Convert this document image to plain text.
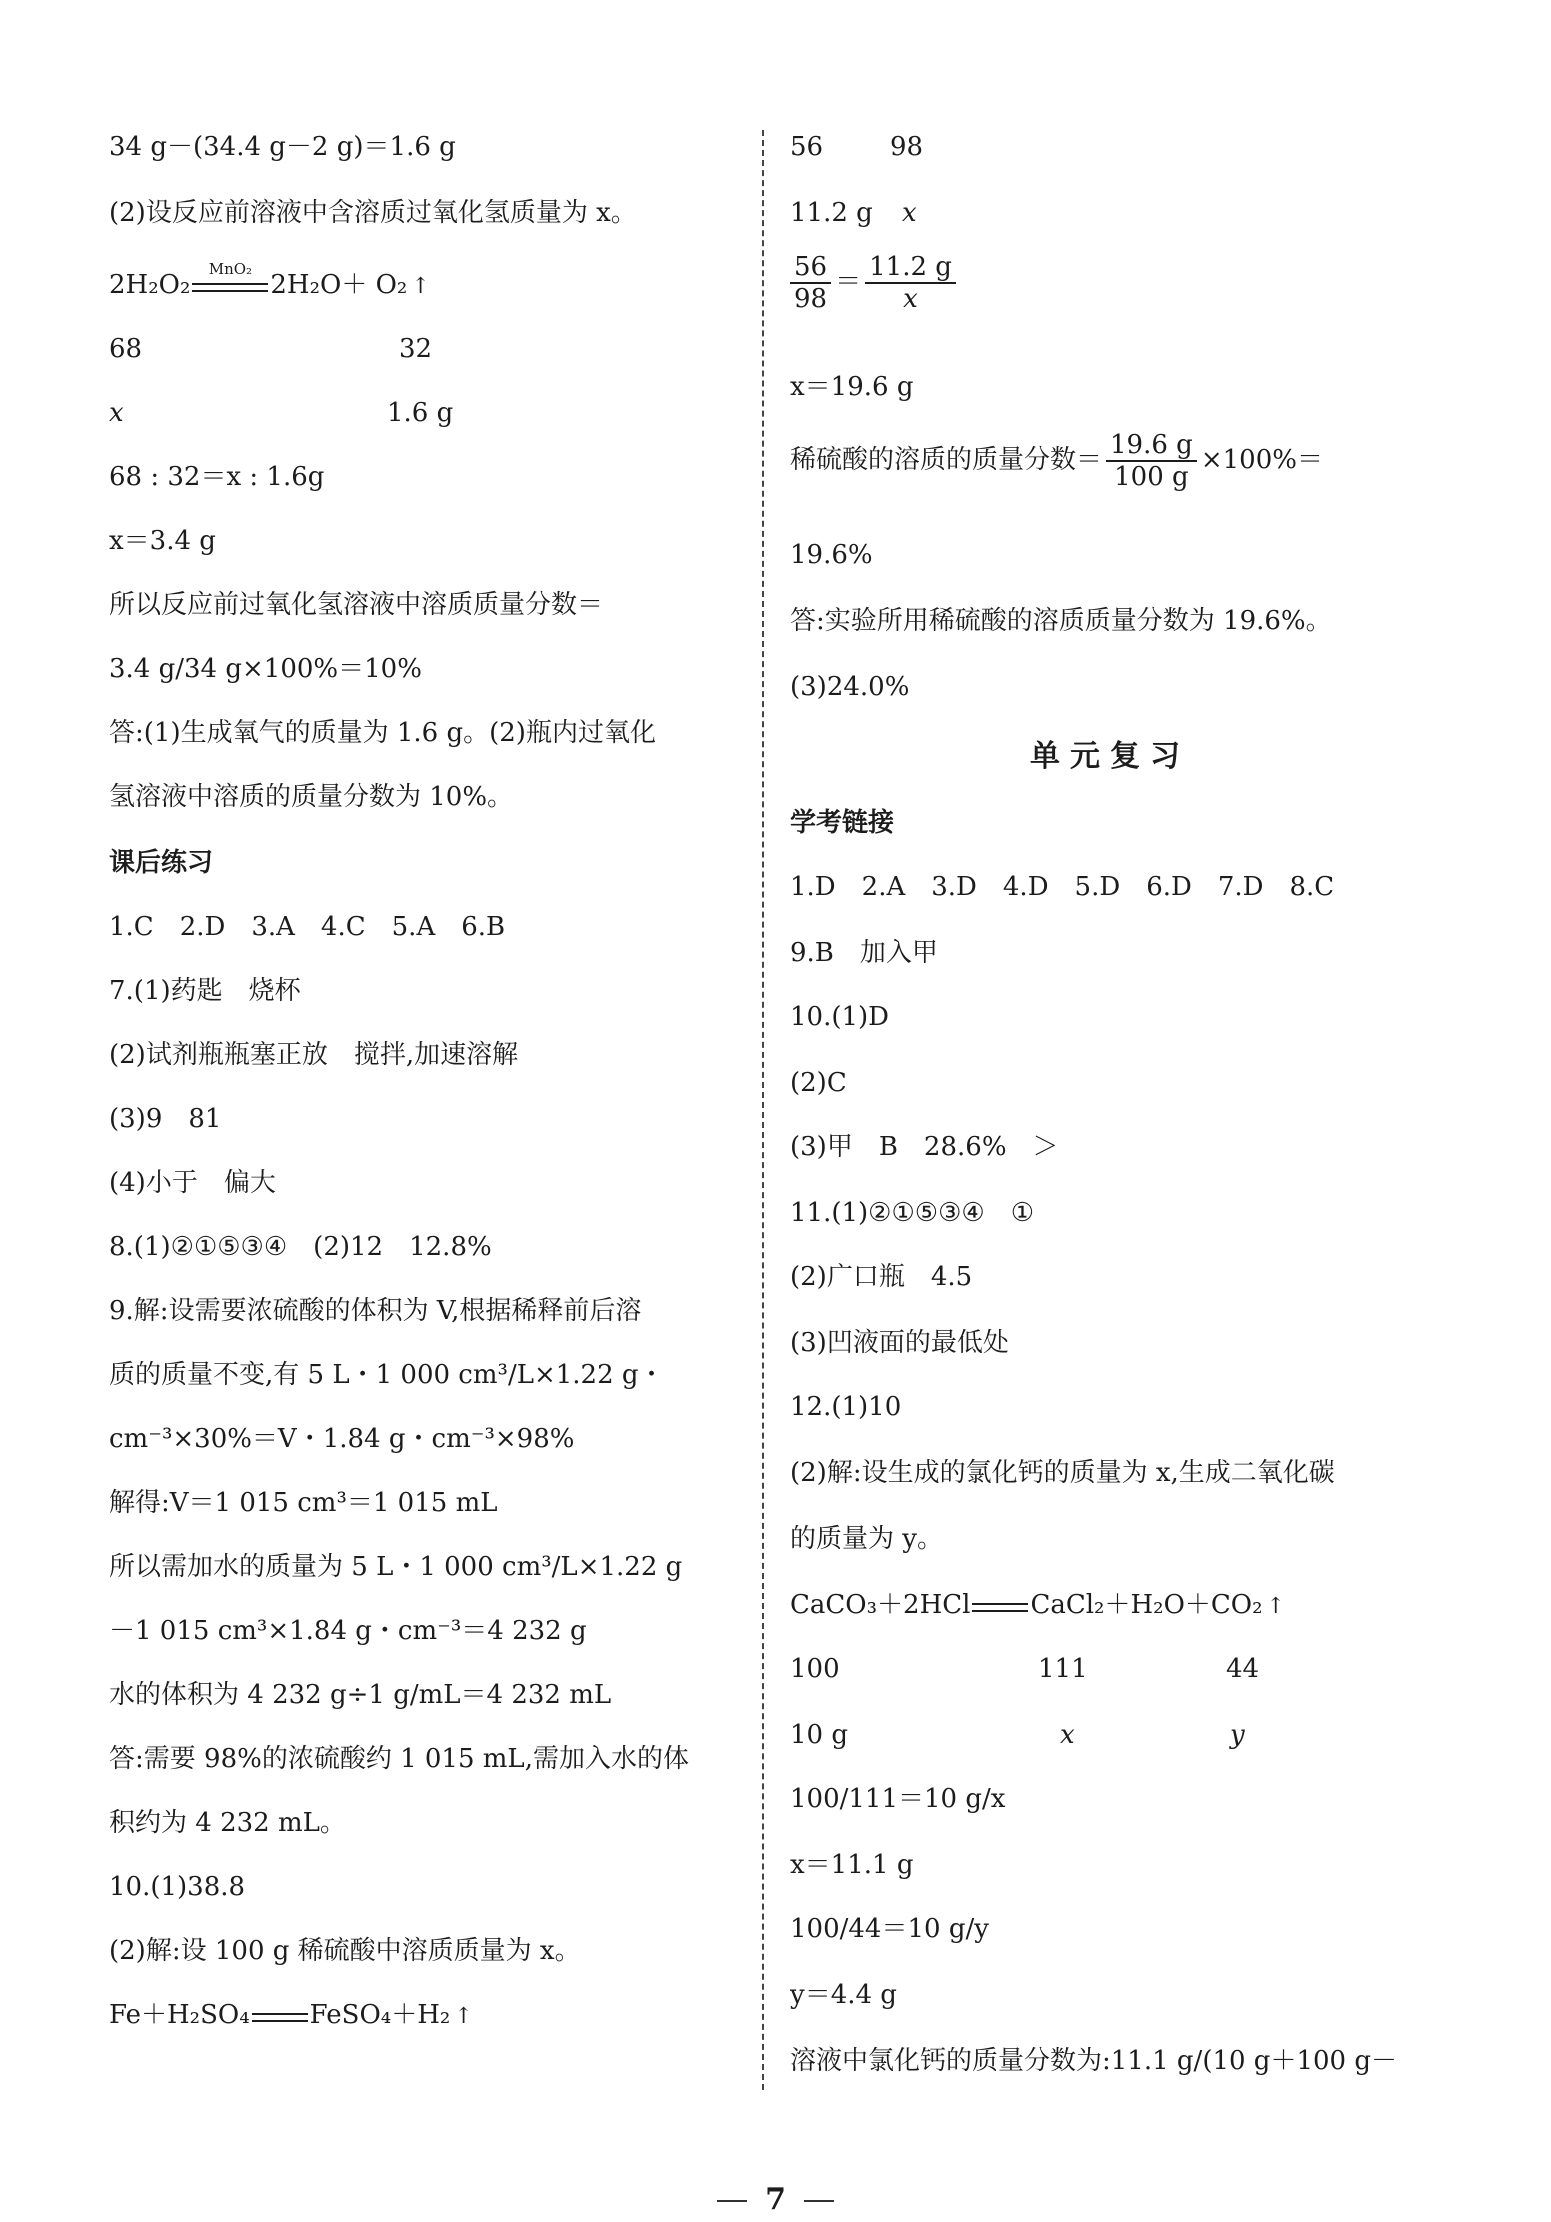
34 g－(34.4 g－2 g)＝1.6 g
(2)设反应前溶液中含溶质过氧化氢质量为 x。
2H₂O₂
MnO₂
2H₂O＋ O₂ ↑
68	32
x	1.6 g
68 : 32＝x : 1.6g
x＝3.4 g
所以反应前过氧化氢溶液中溶质质量分数＝
3.4 g/34 g×100%＝10%
答:(1)生成氧气的质量为 1.6 g。(2)瓶内过氧化
氢溶液中溶质的质量分数为 10%。
课后练习
1.C　2.D　3.A　4.C　5.A　6.B
7.(1)药匙　烧杯
(2)试剂瓶瓶塞正放　搅拌,加速溶解
(3)9　81
(4)小于　偏大
8.(1)②①⑤③④　(2)12　12.8%
9.解:设需要浓硫酸的体积为 V,根据稀释前后溶
质的质量不变,有 5 L・1 000 cm³/L×1.22 g・
cm⁻³×30%＝V・1.84 g・cm⁻³×98%
解得:V＝1 015 cm³＝1 015 mL
所以需加水的质量为 5 L・1 000 cm³/L×1.22 g
－1 015 cm³×1.84 g・cm⁻³＝4 232 g
水的体积为 4 232 g÷1 g/mL＝4 232 mL
答:需要 98%的浓硫酸约 1 015 mL,需加入水的体
积约为 4 232 mL。
10.(1)38.8
(2)解:设 100 g 稀硫酸中溶质质量为 x。
Fe＋H₂SO₄ FeSO₄＋H₂ ↑
56	98
11.2 g x
$\frac{56}{98} = \frac{11.2 g}{x}$
x＝19.6 g
稀硫酸的溶质的质量分数＝ $\frac{19.6 g}{100 g} \times 100\%=$
19.6%
答:实验所用稀硫酸的溶质质量分数为 19.6%。
(3)24.0%
单元复习
学考链接
1.D　2.A　3.D　4.D　5.D　6.D　7.D　8.C
9.B　加入甲
10.(1)D
(2)C
(3)甲　B　28.6%　＞
11.(1)②①⑤③④　①
(2)广口瓶　4.5
(3)凹液面的最低处
12.(1)10
(2)解:设生成的氯化钙的质量为 x,生成二氧化碳
的质量为 y。
CaCO₃＋2HCl CaCl₂＋H₂O＋CO₂ ↑
100	111	44
10 g	x	y
100/111＝10 g/x
x＝11.1 g
100/44＝10 g/y
y＝4.4 g
溶液中氯化钙的质量分数为:11.1 g/(10 g＋100 g－
7
